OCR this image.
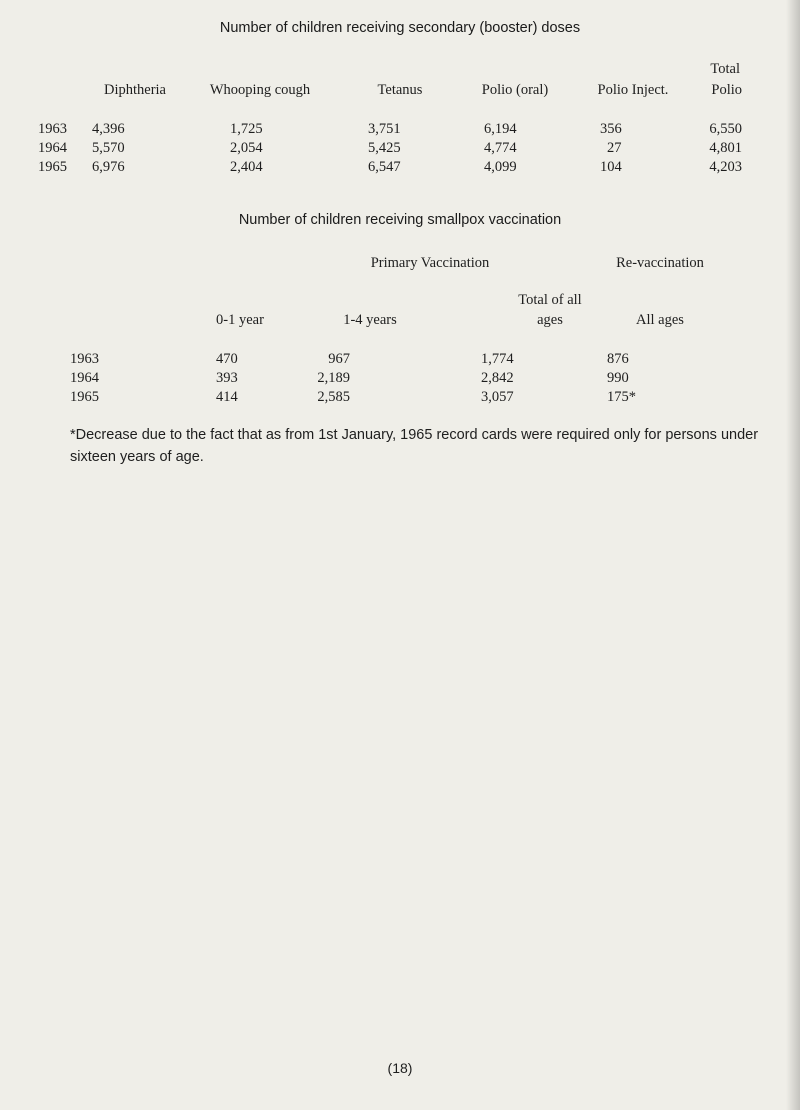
Number of children receiving secondary (booster) doses
Total
Diphtheria	Whooping cough	Tetanus	Polio (oral)	Polio Inject.	Polio
1963 4,396	1,725	3,751	6,194	356	6,550
1964 5,570	2,054	5,425	4,774	27	4,801
1965 6,976	2,404	6,547	4,099	104	4,203
Number of children receiving smallpox vaccination
Primary Vaccination	Re-vaccination
Total of all
0-1 year	1-4 years	ages	All ages
1963	470	967	1,774	876
1964	393	2,189	2,842	990
1965	414	2,585	3,057	175*
*Decrease due to the fact that as from 1st January, 1965 record cards were required only for persons under sixteen years of age.
(18)
